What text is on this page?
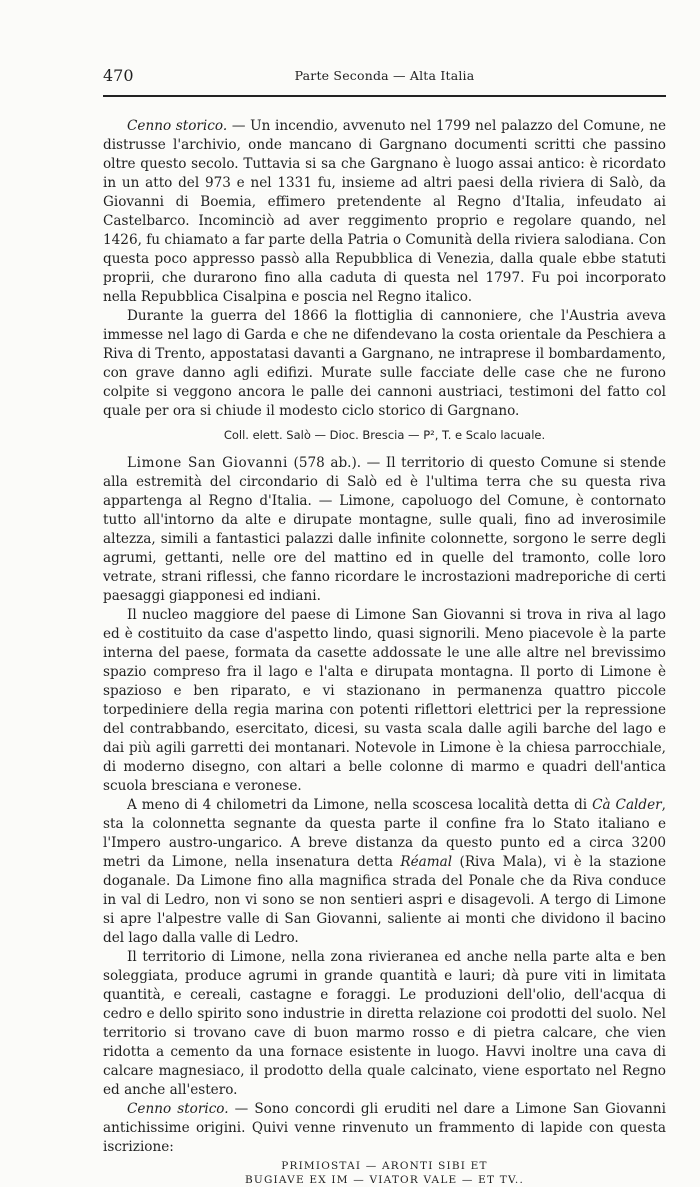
470	Parte Seconda — Alta Italia

Cenno storico. — Un incendio, avvenuto nel 1799 nel palazzo del Comune, ne distrusse l'archivio, onde mancano di Gargnano documenti scritti che passino oltre questo secolo. Tuttavia si sa che Gargnano è luogo assai antico: è ricordato in un atto del 973 e nel 1331 fu, insieme ad altri paesi della riviera di Salò, da Giovanni di Boemia, effimero pretendente al Regno d'Italia, infeudato ai Castelbarco. Incominciò ad aver reggimento proprio e regolare quando, nel 1426, fu chiamato a far parte della Patria o Comunità della riviera salodiana. Con questa poco appresso passò alla Repubblica di Venezia, dalla quale ebbe statuti proprii, che durarono fino alla caduta di questa nel 1797. Fu poi incorporato nella Repubblica Cisalpina e poscia nel Regno italico.

Durante la guerra del 1866 la flottiglia di cannoniere, che l'Austria aveva immesse nel lago di Garda e che ne difendevano la costa orientale da Peschiera a Riva di Trento, appostatasi davanti a Gargnano, ne intraprese il bombardamento, con grave danno agli edifizi. Murate sulle facciate delle case che ne furono colpite si veggono ancora le palle dei cannoni austriaci, testimoni del fatto col quale per ora si chiude il modesto ciclo storico di Gargnano.

Coll. elett. Salò — Dioc. Brescia — P², T. e Scalo lacuale.

Limone San Giovanni (578 ab.). — Il territorio di questo Comune si stende alla estremità del circondario di Salò ed è l'ultima terra che su questa riva appartenga al Regno d'Italia. — Limone, capoluogo del Comune, è contornato tutto all'intorno da alte e dirupate montagne, sulle quali, fino ad inverosimile altezza, simili a fantastici palazzi dalle infinite colonnette, sorgono le serre degli agrumi, gettanti, nelle ore del mattino ed in quelle del tramonto, colle loro vetrate, strani riflessi, che fanno ricordare le incrostazioni madreporiche di certi paesaggi giapponesi ed indiani.

Il nucleo maggiore del paese di Limone San Giovanni si trova in riva al lago ed è costituito da case d'aspetto lindo, quasi signorili. Meno piacevole è la parte interna del paese, formata da casette addossate le une alle altre nel brevissimo spazio compreso fra il lago e l'alta e dirupata montagna. Il porto di Limone è spazioso e ben riparato, e vi stazionano in permanenza quattro piccole torpediniere della regia marina con potenti riflettori elettrici per la repressione del contrabbando, esercitato, dicesi, su vasta scala dalle agili barche del lago e dai più agili garretti dei montanari. Notevole in Limone è la chiesa parrocchiale, di moderno disegno, con altari a belle colonne di marmo e quadri dell'antica scuola bresciana e veronese.

A meno di 4 chilometri da Limone, nella scoscesa località detta di Cà Calder, sta la colonnetta segnante da questa parte il confine fra lo Stato italiano e l'Impero austro-ungarico. A breve distanza da questo punto ed a circa 3200 metri da Limone, nella insenatura detta Réamal (Riva Mala), vi è la stazione doganale. Da Limone fino alla magnifica strada del Ponale che da Riva conduce in val di Ledro, non vi sono se non sentieri aspri e disagevoli. A tergo di Limone si apre l'alpestre valle di San Giovanni, saliente ai monti che dividono il bacino del lago dalla valle di Ledro.

Il territorio di Limone, nella zona rivieranea ed anche nella parte alta e ben soleggiata, produce agrumi in grande quantità e lauri; dà pure viti in limitata quantità, e cereali, castagne e foraggi. Le produzioni dell'olio, dell'acqua di cedro e dello spirito sono industrie in diretta relazione coi prodotti del suolo. Nel territorio si trovano cave di buon marmo rosso e di pietra calcare, che vien ridotta a cemento da una fornace esistente in luogo. Havvi inoltre una cava di calcare magnesiaco, il prodotto della quale calcinato, viene esportato nel Regno ed anche all'estero.

Cenno storico. — Sono concordi gli eruditi nel dare a Limone San Giovanni antichissime origini. Quivi venne rinvenuto un frammento di lapide con questa iscrizione:

PRIMIOSTAI — ARONTI SIBI ET
BUGIAVE EX IM — VIATOR VALE — ET TV..
